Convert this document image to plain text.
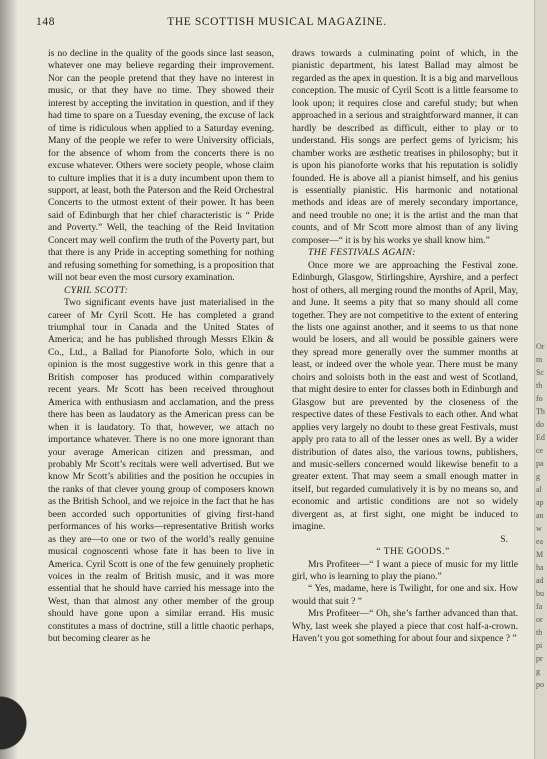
148	THE SCOTTISH MUSICAL MAGAZINE.

is no decline in the quality of the goods since last season, whatever one may believe regarding their improvement. Nor can the people pretend that they have no interest in music, or that they have no time. They showed their interest by accepting the invitation in question, and if they had time to spare on a Tuesday evening, the excuse of lack of time is ridiculous when applied to a Saturday evening. Many of the people we refer to were University officials, for the absence of whom from the concerts there is no excuse whatever. Others were society people, whose claim to culture implies that it is a duty incumbent upon them to support, at least, both the Paterson and the Reid Orchestral Concerts to the utmost extent of their power. It has been said of Edinburgh that her chief characteristic is “ Pride and Poverty.” Well, the teaching of the Reid Invitation Concert may well confirm the truth of the Poverty part, but that there is any Pride in accepting something for nothing and refusing something for something, is a proposition that will not bear even the most cursory examination.

CYRIL SCOTT:

Two significant events have just materialised in the career of Mr Cyril Scott. He has completed a grand triumphal tour in Canada and the United States of America; and he has published through Messrs Elkin & Co., Ltd., a Ballad for Pianoforte Solo, which in our opinion is the most suggestive work in this genre that a British composer has produced within comparatively recent years. Mr Scott has been received throughout America with enthusiasm and acclamation, and the press there has been as laudatory as the American press can be when it is laudatory. To that, however, we attach no importance whatever. There is no one more ignorant than your average American citizen and pressman, and probably Mr Scott’s recitals were well advertised. But we know Mr Scott’s abilities and the position he occupies in the ranks of that clever young group of composers known as the British School, and we rejoice in the fact that he has been accorded such opportunities of giving first-hand performances of his works—representative British works as they are—to one or two of the world’s really genuine musical cognoscenti whose fate it has been to live in America. Cyril Scott is one of the few genuinely prophetic voices in the realm of British music, and it was more essential that he should have carried his message into the West, than that almost any other member of the group should have gone upon a similar errand. His music constitutes a mass of doctrine, still a little chaotic perhaps, but becoming clearer as he

draws towards a culminating point of which, in the pianistic department, his latest Ballad may almost be regarded as the apex in question. It is a big and marvellous conception. The music of Cyril Scott is a little fearsome to look upon; it requires close and careful study; but when approached in a serious and straightforward manner, it can hardly be described as difficult, either to play or to understand. His songs are perfect gems of lyricism; his chamber works are æsthetic treatises in philosophy; but it is upon his pianoforte works that his reputation is solidly founded. He is above all a pianist himself, and his genius is essentially pianistic. His harmonic and notational methods and ideas are of merely secondary importance, and need trouble no one; it is the artist and the man that counts, and of Mr Scott more almost than of any living composer—“ it is by his works ye shall know him.”

THE FESTIVALS AGAIN:

Once more we are approaching the Festival zone. Edinburgh, Glasgow, Stirlingshire, Ayrshire, and a perfect host of others, all merging round the months of April, May, and June. It seems a pity that so many should all come together. They are not competitive to the extent of entering the lists one against another, and it seems to us that none would be losers, and all would be possible gainers were they spread more generally over the summer months at least, or indeed over the whole year. There must be many choirs and soloists both in the east and west of Scotland, that might desire to enter for classes both in Edinburgh and Glasgow but are prevented by the closeness of the respective dates of these Festivals to each other. And what applies very largely no doubt to these great Festivals, must apply pro rata to all of the lesser ones as well. By a wider distribution of dates also, the various towns, publishers, and music-sellers concerned would likewise benefit to a greater extent. That may seem a small enough matter in itself, but regarded cumulatively it is by no means so, and economic and artistic conditions are not so widely divergent as, at first sight, one might be induced to imagine.

S.

“ THE GOODS.”

Mrs Profiteer—“ I want a piece of music for my little girl, who is learning to play the piano.”

“ Yes, madame, here is Twilight, for one and six. How would that suit ? ”

Mrs Profiteer—“ Oh, she’s farther advanced than that. Why, last week she played a piece that cost half-a-crown. Haven’t you got something for about four and sixpence ? ”

Or
m
Sc
th
fo
Th
do
Ed
ce
pa
g
al
ap
an
w
ea
M
ha
ad
bu
fa
or
th
pi
pr
g
po
